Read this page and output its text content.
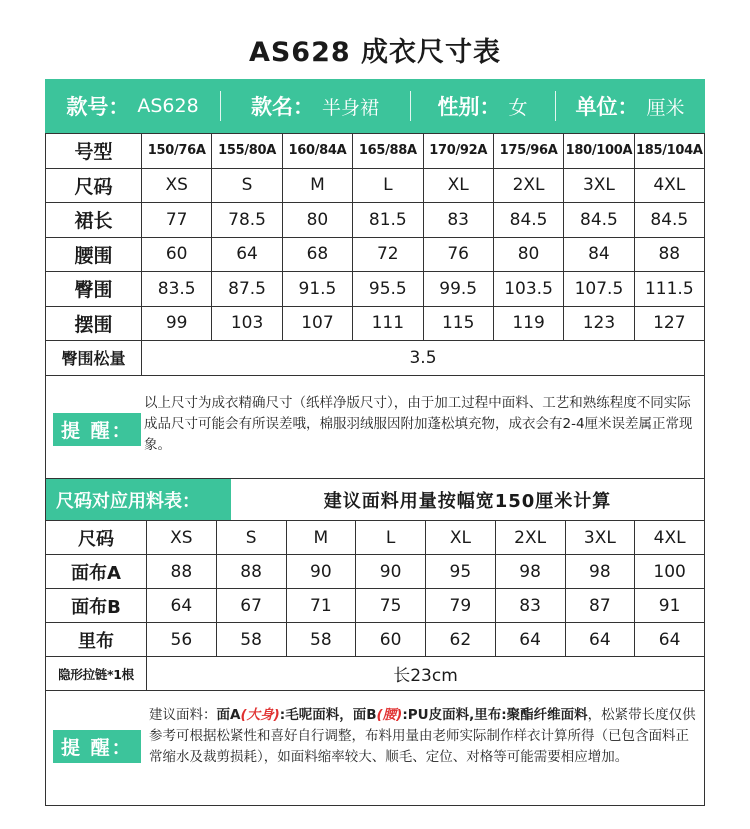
AS628 成衣尺寸表
款号： AS628 款名： 半身裙	性别： 女 单位： 厘米
号型	150/76A	155/80A	160/84A	165/88A	170/92A	175/96A	180/100A	185/104A
尺码	XS	S	M	L	XL	2XL	3XL	4XL
裙长	77	78.5	80	81.5	83	84.5	84.5	84.5
腰围	60	64	68	72	76	80	84	88
臀围	83.5	87.5	91.5	95.5	99.5	103.5	107.5	111.5
摆围	99	103	107	111	115	119	123	127
臀围松量	3.5							
提 醒：
以上尺寸为成衣精确尺寸（纸样净版尺寸），由于加工过程中面料、工艺和熟练程度不同实际成品尺寸可能会有所误差哦，棉服羽绒服因附加蓬松填充物，成衣会有2-4厘米误差属正常现象。
尺码对应用料表：	建议面料用量按幅宽150厘米计算
尺码	XS	S	M	L	XL	2XL	3XL	4XL
面布A	88	88	90	90	95	98	98	100
面布B	64	67	71	75	79	83	87	91
里布	56	58	58	60	62	64	64	64
隐形拉链*1根	长23cm							
提 醒：
建议面料：面A(大身):毛呢面料，面B(腰):PU皮面料,里布:聚酯纤维面料，松紧带长度仅供参考可根据松紧性和喜好自行调整，布料用量由老师实际制作样衣计算所得（已包含面料正常缩水及裁剪损耗），如面料缩率较大、顺毛、定位、对格等可能需要相应增加。
